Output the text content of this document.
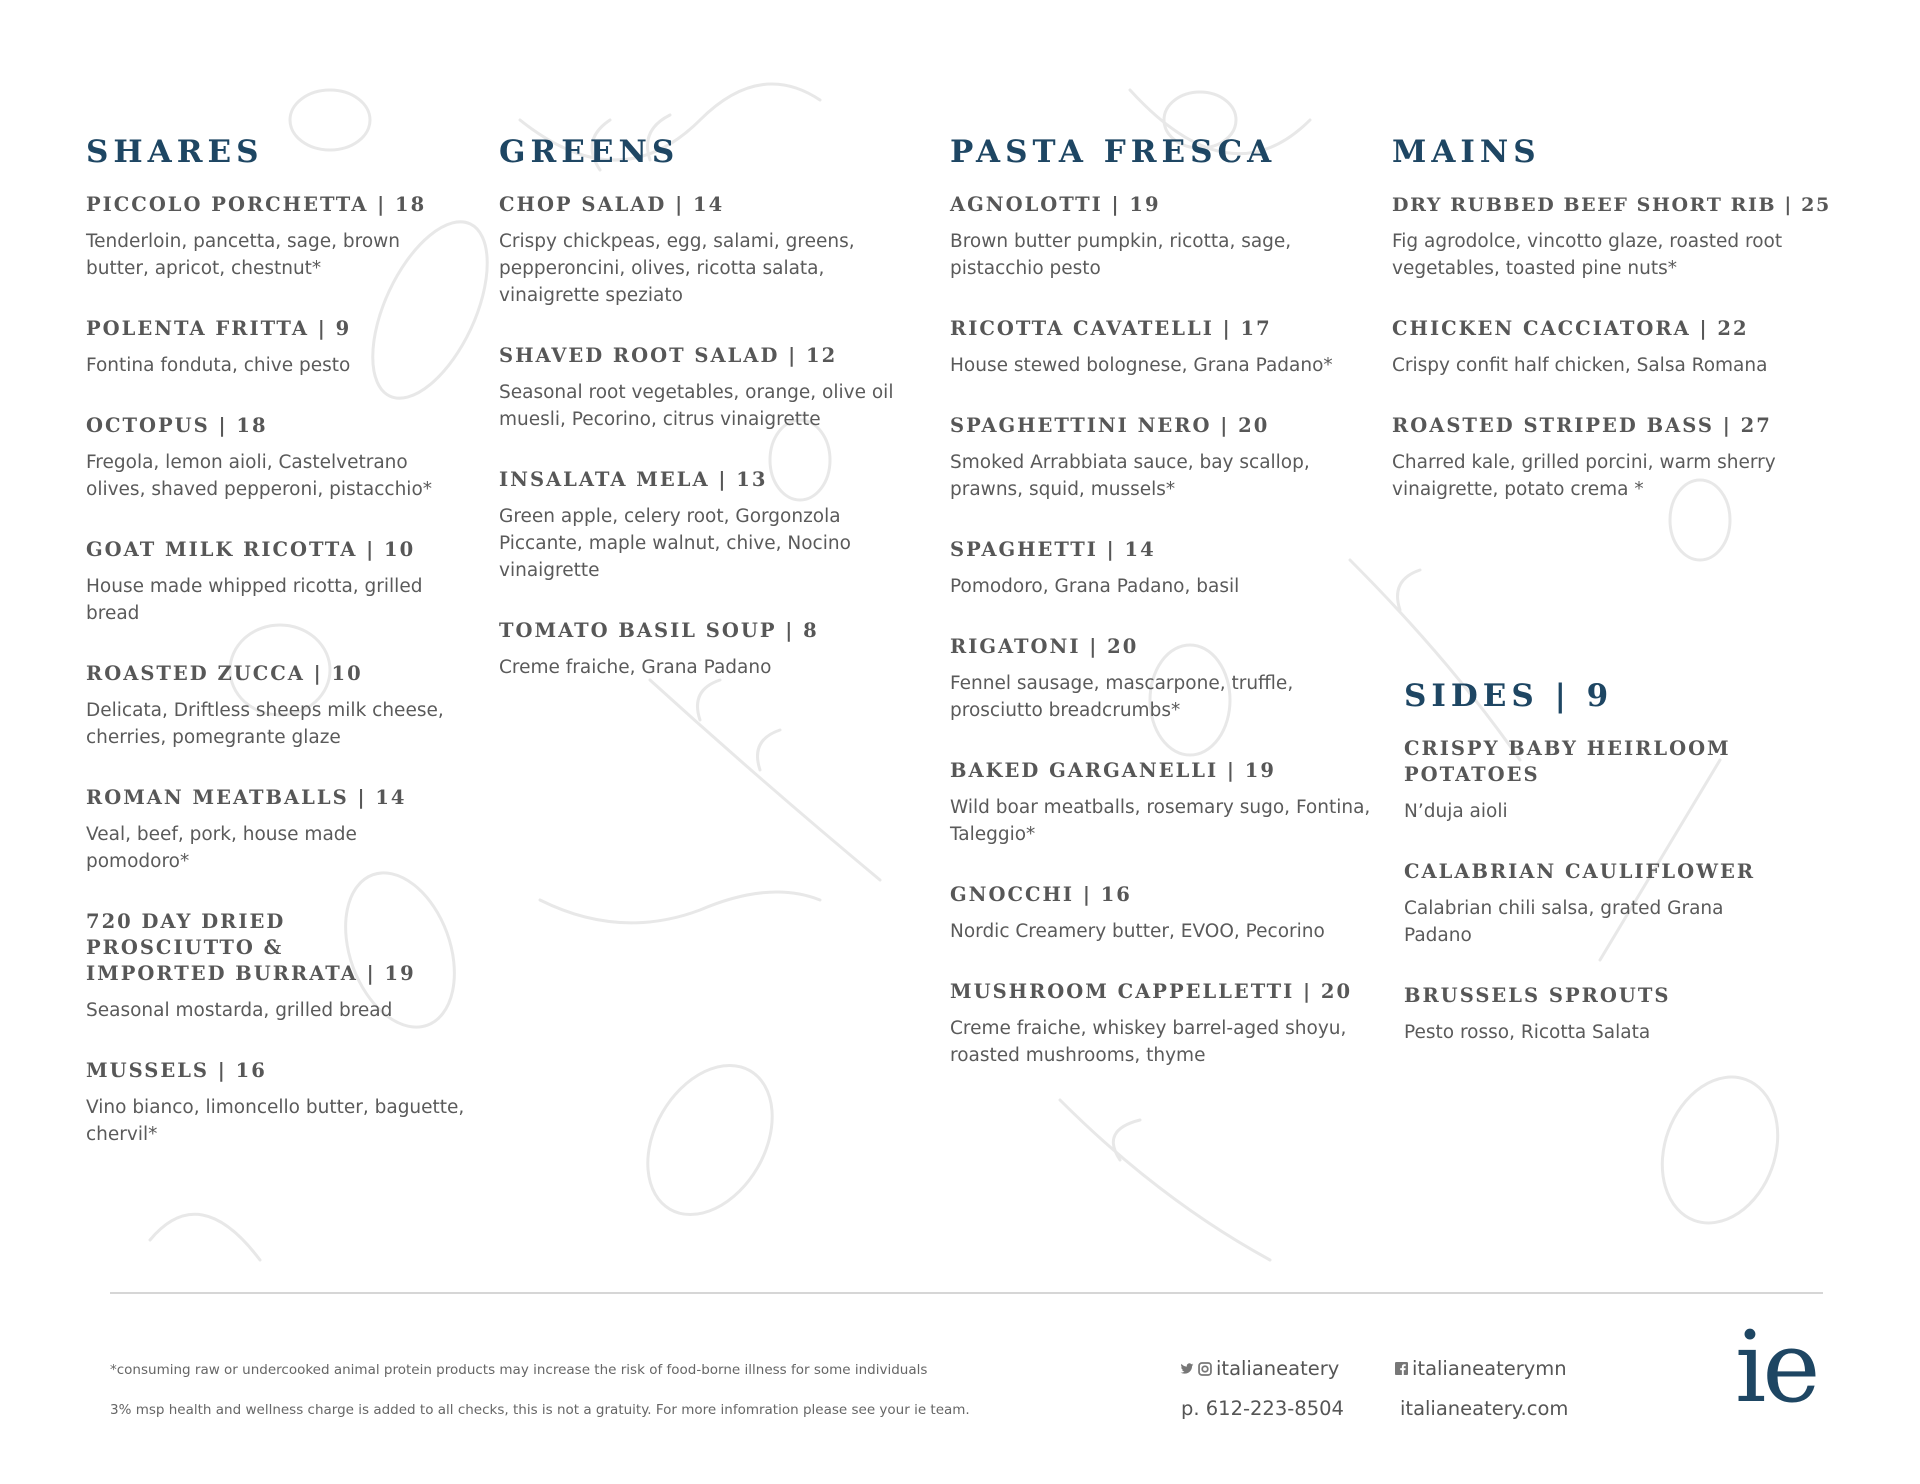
SHARES
PICCOLO PORCHETTA | 18
Tenderloin, pancetta, sage, brown butter, apricot, chestnut*
POLENTA FRITTA | 9
Fontina fonduta, chive pesto
OCTOPUS | 18
Fregola, lemon aioli, Castelvetrano olives, shaved pepperoni, pistacchio*
GOAT MILK RICOTTA | 10
House made whipped ricotta, grilled bread
ROASTED ZUCCA | 10
Delicata, Driftless sheeps milk cheese, cherries, pomegrante glaze
ROMAN MEATBALLS | 14
Veal, beef, pork, house made pomodoro*
720 DAY DRIED
PROSCIUTTO &
IMPORTED BURRATA | 19
Seasonal mostarda, grilled bread
MUSSELS | 16
Vino bianco, limoncello butter, baguette, chervil*
GREENS
CHOP SALAD | 14
Crispy chickpeas, egg, salami, greens, pepperoncini, olives, ricotta salata, vinaigrette speziato
SHAVED ROOT SALAD | 12
Seasonal root vegetables, orange, olive oil muesli, Pecorino, citrus vinaigrette
INSALATA MELA | 13
Green apple, celery root, Gorgonzola Piccante, maple walnut, chive, Nocino vinaigrette
TOMATO BASIL SOUP | 8
Creme fraiche, Grana Padano
PASTA FRESCA
AGNOLOTTI | 19
Brown butter pumpkin, ricotta, sage, pistacchio pesto
RICOTTA CAVATELLI | 17
House stewed bolognese, Grana Padano*
SPAGHETTINI NERO | 20
Smoked Arrabbiata sauce, bay scallop, prawns, squid, mussels*
SPAGHETTI | 14
Pomodoro, Grana Padano, basil
RIGATONI | 20
Fennel sausage, mascarpone, truffle, prosciutto breadcrumbs*
BAKED GARGANELLI | 19
Wild boar meatballs, rosemary sugo, Fontina, Taleggio*
GNOCCHI | 16
Nordic Creamery butter, EVOO, Pecorino
MUSHROOM CAPPELLETTI | 20
Creme fraiche, whiskey barrel-aged shoyu, roasted mushrooms, thyme
MAINS
DRY RUBBED BEEF SHORT RIB | 25
Fig agrodolce, vincotto glaze, roasted root vegetables, toasted pine nuts*
CHICKEN CACCIATORA | 22
Crispy confit half chicken, Salsa Romana
ROASTED STRIPED BASS | 27
Charred kale, grilled porcini, warm sherry vinaigrette, potato crema *
SIDES | 9
CRISPY BABY HEIRLOOM
POTATOES
N’duja aioli
CALABRIAN CAULIFLOWER
Calabrian chili salsa, grated Grana Padano
BRUSSELS SPROUTS
Pesto rosso, Ricotta Salata
*consuming raw or undercooked animal protein products may increase the risk of food-borne illness for some individuals
3% msp health and wellness charge is added to all checks, this is not a gratuity. For more infomration please see your ie team.
italianeatery	italianeaterymn
p. 612-223-8504	italianeatery.com ie
